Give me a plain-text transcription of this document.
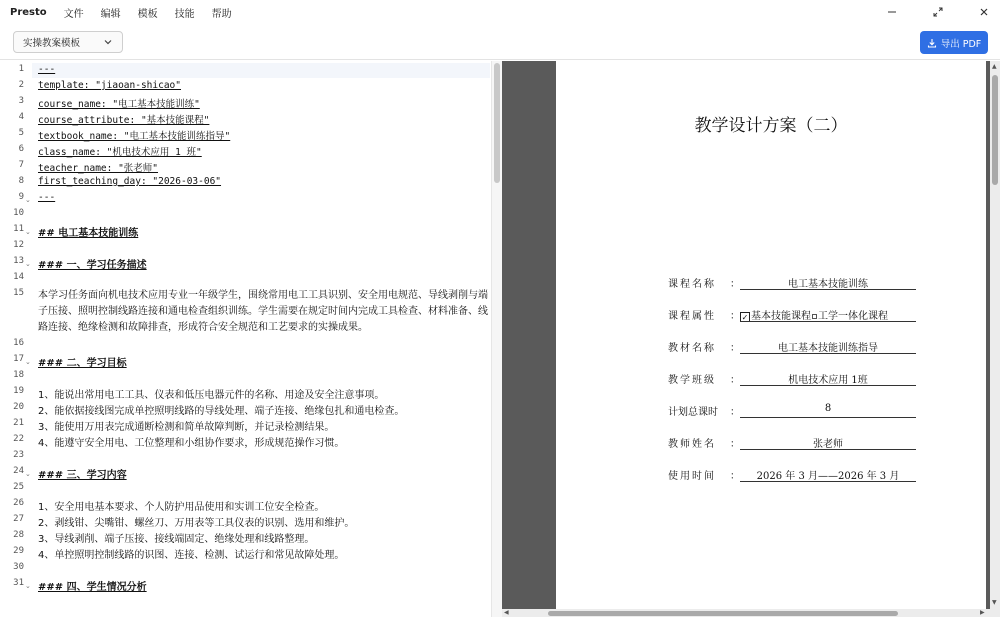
Presto 文件 编辑 模板 技能 帮助
实操教案模板	导出 PDF
1 ---
2 template: "jiaoan-shicao"
3 course_name: "电工基本技能训练"
4 course_attribute: "基本技能课程"
5 textbook_name: "电工基本技能训练指导"
6 class_name: "机电技术应用 1 班"
7 teacher_name: "张老师"
8 first_teaching_day: "2026-03-06"
9 ⌄ ---
10
11 ⌄ ## 电工基本技能训练
12
13 ⌄ ### 一、学习任务描述
14
15 本学习任务面向机电技术应用专业一年级学生，围绕常用电工工具识别、安全用电规范、导线剥削与端子压接、照明控制线路连接和通电检查组织训练。学生需要在规定时间内完成工具检查、材料准备、线路连接、绝缘检测和故障排查，形成符合安全规范和工艺要求的实操成果。
16
17 ⌄ ### 二、学习目标
18
19 1、能说出常用电工工具、仪表和低压电器元件的名称、用途及安全注意事项。
20 2、能依据接线图完成单控照明线路的导线处理、端子连接、绝缘包扎和通电检查。
21 3、能使用万用表完成通断检测和简单故障判断，并记录检测结果。
22 4、能遵守安全用电、工位整理和小组协作要求，形成规范操作习惯。
23
24 ⌄ ### 三、学习内容
25
26 1、安全用电基本要求、个人防护用品使用和实训工位安全检查。
27 2、剥线钳、尖嘴钳、螺丝刀、万用表等工具仪表的识别、选用和维护。
28 3、导线剥削、端子压接、接线端固定、绝缘处理和线路整理。
29 4、单控照明控制线路的识图、连接、检测、试运行和常见故障处理。
30
31 ⌄ ### 四、学生情况分析
教学设计方案（二）
课程名称	：	电工基本技能训练
课程属性	： ✓ 基本技能课程 工学一体化课程
教材名称	：	电工基本技能训练指导
教学班级	：	机电技术应用 1班
计划总课时	：	8
教师姓名	：	张老师
使用时间	：	2026 年 3 月——2026 年 3 月
▲
▼
◀	▶
